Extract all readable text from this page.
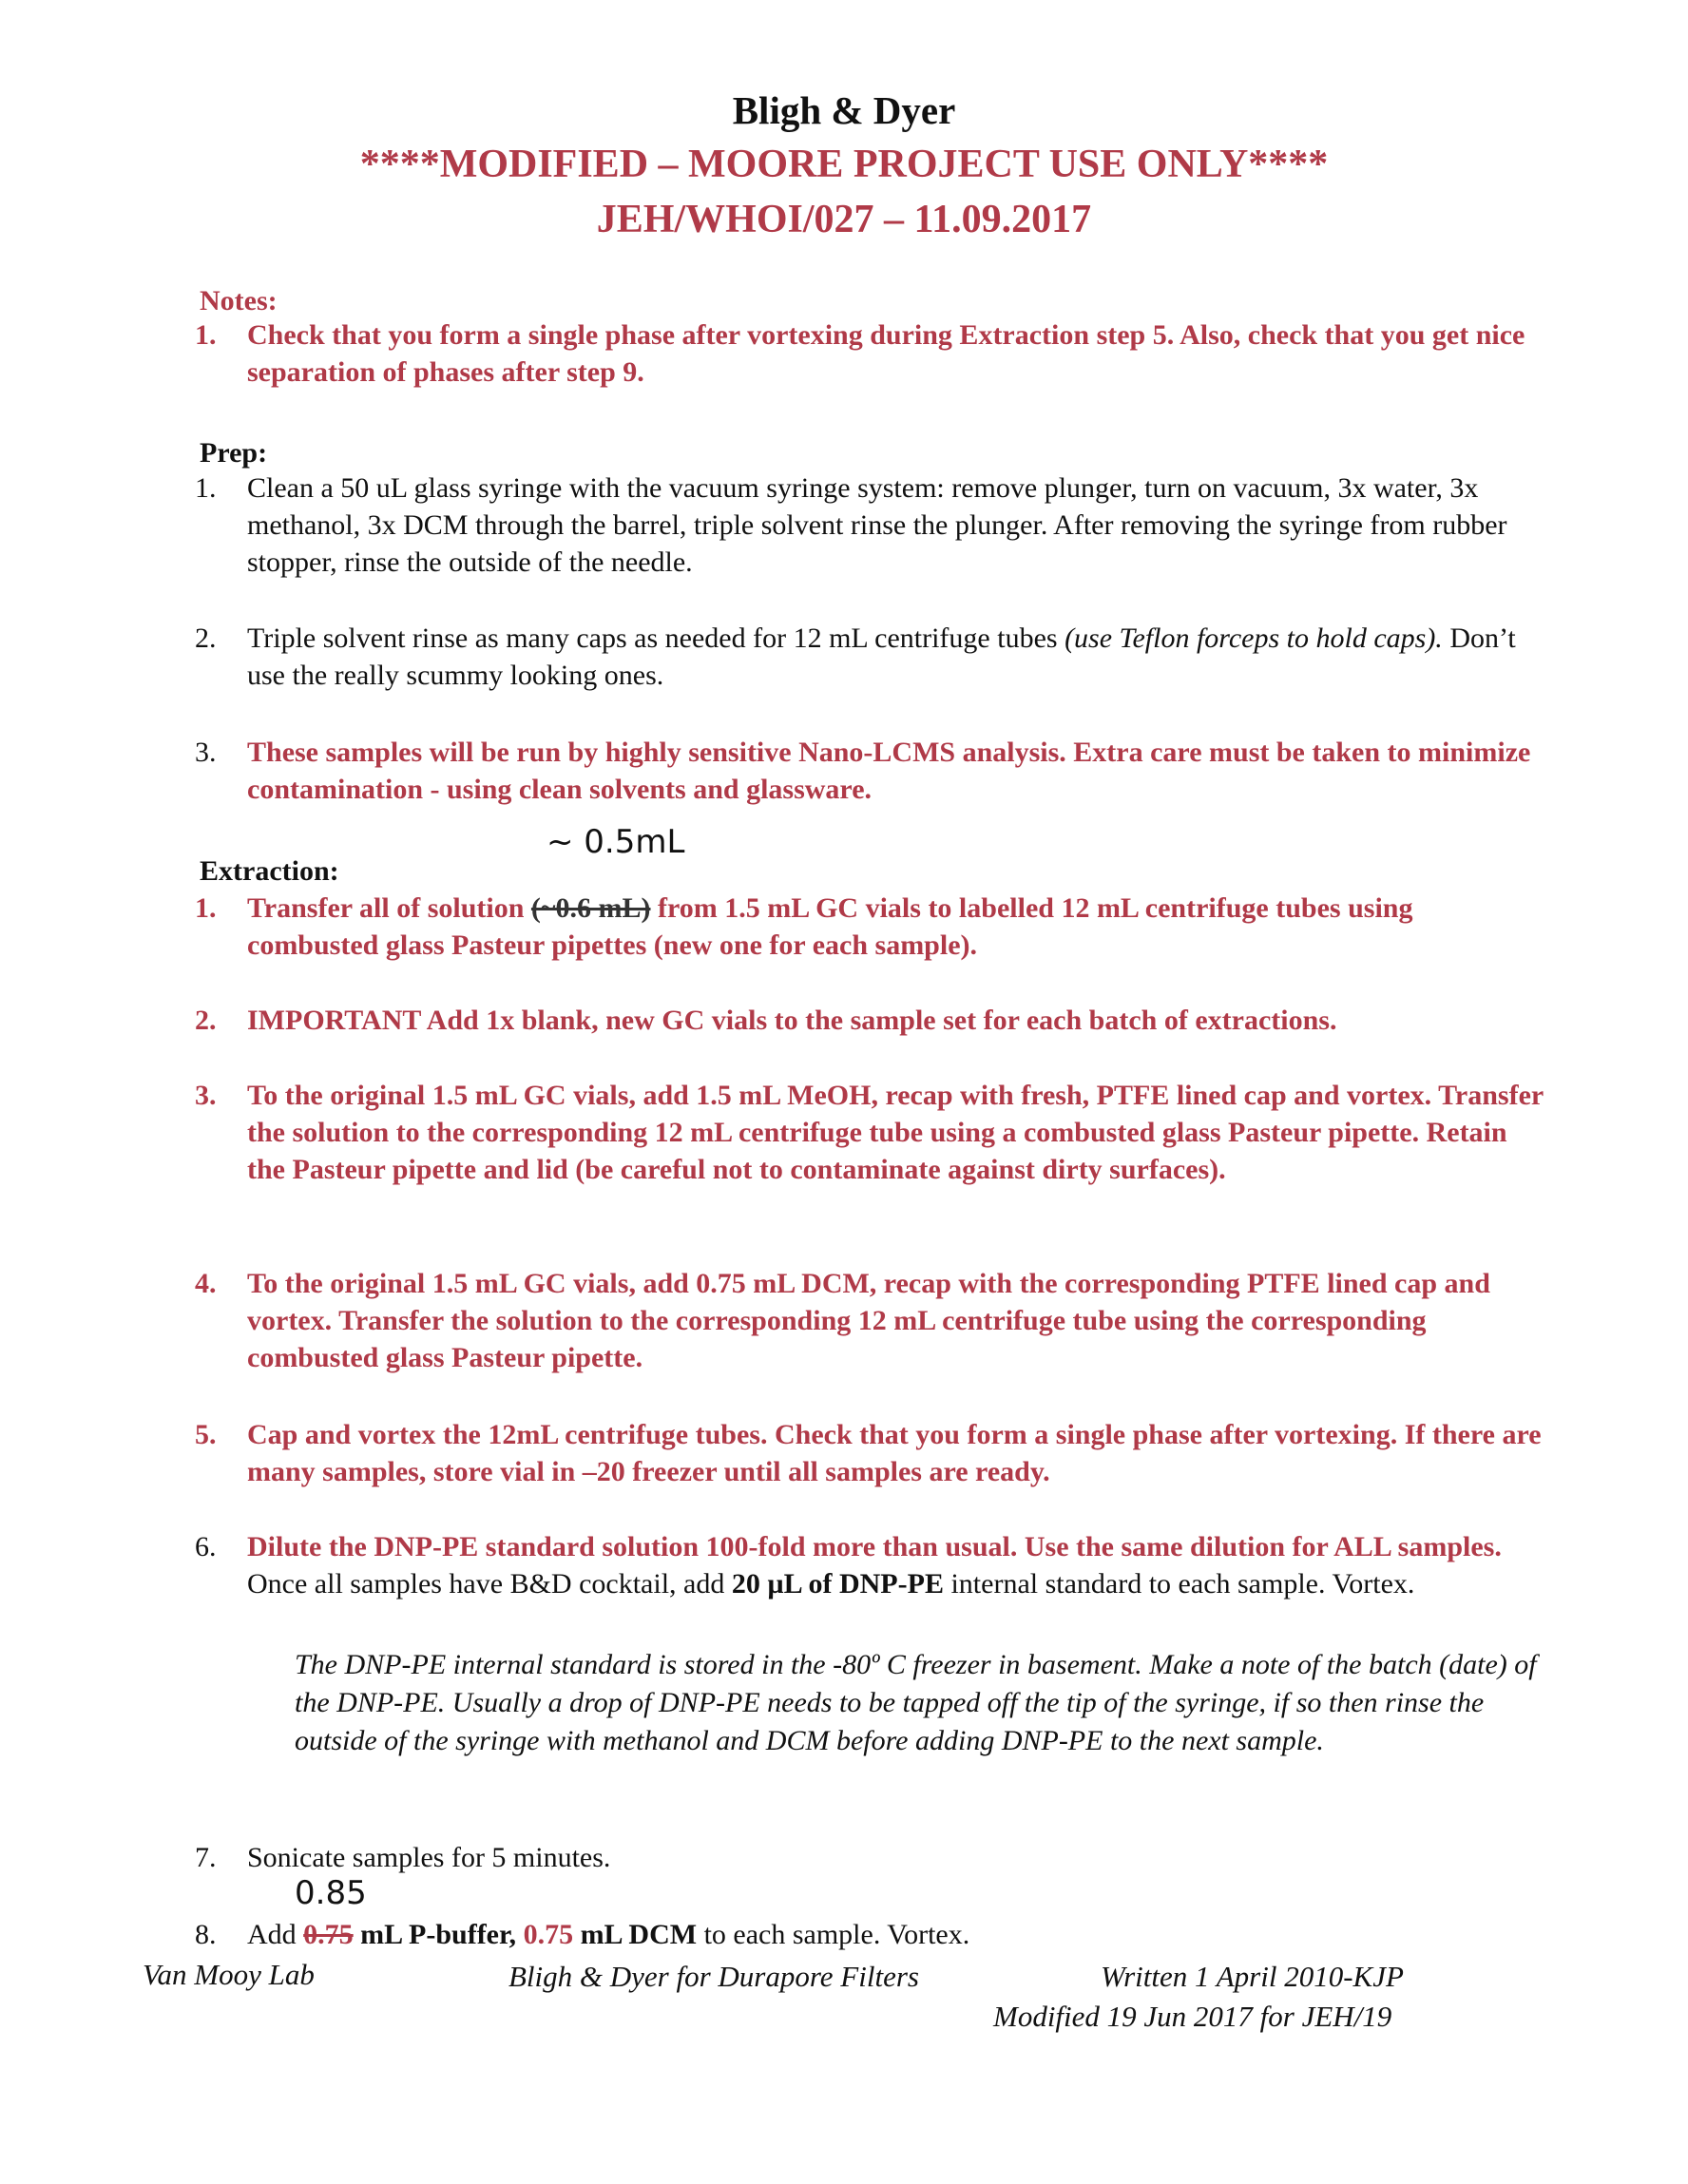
Bligh & Dyer
****MODIFIED – MOORE PROJECT USE ONLY****
JEH/WHOI/027 – 11.09.2017
Notes:
1.	Check that you form a single phase after vortexing during Extraction step 5. Also, check that you get nice separation of phases after step 9.
Prep:
1.	Clean a 50 uL glass syringe with the vacuum syringe system: remove plunger, turn on vacuum, 3x water, 3x methanol, 3x DCM through the barrel, triple solvent rinse the plunger. After removing the syringe from rubber stopper, rinse the outside of the needle.
2.	Triple solvent rinse as many caps as needed for 12 mL centrifuge tubes (use Teflon forceps to hold caps). Don’t use the really scummy looking ones.
3.	These samples will be run by highly sensitive Nano-LCMS analysis. Extra care must be taken to minimize contamination - using clean solvents and glassware.
~ 0.5mL
Extraction:
1.	Transfer all of solution (~0.6 mL) from 1.5 mL GC vials to labelled 12 mL centrifuge tubes using combusted glass Pasteur pipettes (new one for each sample).
2.	IMPORTANT Add 1x blank, new GC vials to the sample set for each batch of extractions.
3.	To the original 1.5 mL GC vials, add 1.5 mL MeOH, recap with fresh, PTFE lined cap and vortex. Transfer the solution to the corresponding 12 mL centrifuge tube using a combusted glass Pasteur pipette. Retain the Pasteur pipette and lid (be careful not to contaminate against dirty surfaces).
4.	To the original 1.5 mL GC vials, add 0.75 mL DCM, recap with the corresponding PTFE lined cap and vortex. Transfer the solution to the corresponding 12 mL centrifuge tube using the corresponding combusted glass Pasteur pipette.
5.	Cap and vortex the 12mL centrifuge tubes. Check that you form a single phase after vortexing. If there are many samples, store vial in –20 freezer until all samples are ready.
6.	Dilute the DNP-PE standard solution 100-fold more than usual. Use the same dilution for ALL samples. Once all samples have B&D cocktail, add 20 µL of DNP-PE internal standard to each sample. Vortex.
The DNP-PE internal standard is stored in the -80º C freezer in basement. Make a note of the batch (date) of the DNP-PE. Usually a drop of DNP-PE needs to be tapped off the tip of the syringe, if so then rinse the outside of the syringe with methanol and DCM before adding DNP-PE to the next sample.
7.	Sonicate samples for 5 minutes.
0.85
8.	Add 0.75 mL P-buffer, 0.75 mL DCM to each sample. Vortex.
Van Mooy Lab	Bligh & Dyer for Durapore Filters	Written 1 April 2010-KJP
Modified 19 Jun 2017 for JEH/19
